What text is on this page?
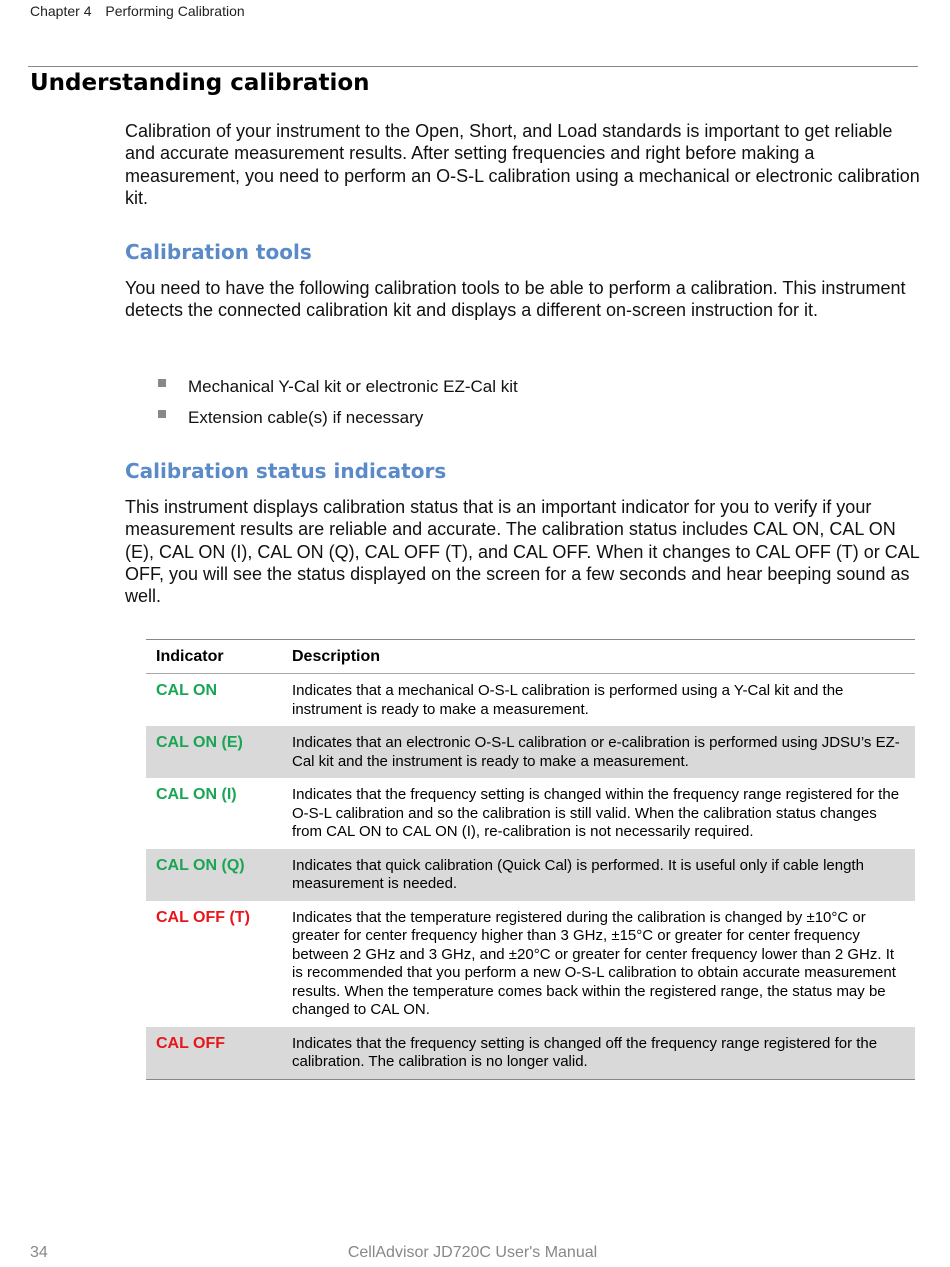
Chapter 4 Performing Calibration
Understanding calibration

Calibration of your instrument to the Open, Short, and Load standards is important to get reliable and accurate measurement results. After setting frequencies and right before making a measurement, you need to perform an O-S-L calibration using a mechanical or electronic calibration kit.

Calibration tools

You need to have the following calibration tools to be able to perform a calibration. This instrument detects the connected calibration kit and displays a different on-screen instruction for it.

Mechanical Y-Cal kit or electronic EZ-Cal kit
Extension cable(s) if necessary
Calibration status indicators

This instrument displays calibration status that is an important indicator for you to verify if your measurement results are reliable and accurate. The calibration status includes CAL ON, CAL ON (E), CAL ON (I), CAL ON (Q), CAL OFF (T), and CAL OFF. When it changes to CAL OFF (T) or CAL OFF, you will see the status displayed on the screen for a few seconds and hear beeping sound as well.

Indicator	Description
CAL ON	Indicates that a mechanical O-S-L calibration is performed using a Y-Cal kit and the instrument is ready to make a measurement.
CAL ON (E)	Indicates that an electronic O-S-L calibration or e-calibration is performed using JDSU’s EZ-Cal kit and the instrument is ready to make a measurement.
CAL ON (I)	Indicates that the frequency setting is changed within the frequency range registered for the O-S-L calibration and so the calibration is still valid. When the calibration status changes from CAL ON to CAL ON (I), re-calibration is not necessarily required.
CAL ON (Q)	Indicates that quick calibration (Quick Cal) is performed. It is useful only if cable length measurement is needed.
CAL OFF (T)	Indicates that the temperature registered during the calibration is changed by ±10°C or greater for center frequency higher than 3 GHz, ±15°C or greater for center frequency between 2 GHz and 3 GHz, and ±20°C or greater for center frequency lower than 2 GHz. It is recommended that you perform a new O-S-L calibration to obtain accurate measurement results. When the temperature comes back within the registered range, the status may be changed to CAL ON.
CAL OFF	Indicates that the frequency setting is changed off the frequency range registered for the calibration. The calibration is no longer valid.
34	CellAdvisor JD720C User's Manual
